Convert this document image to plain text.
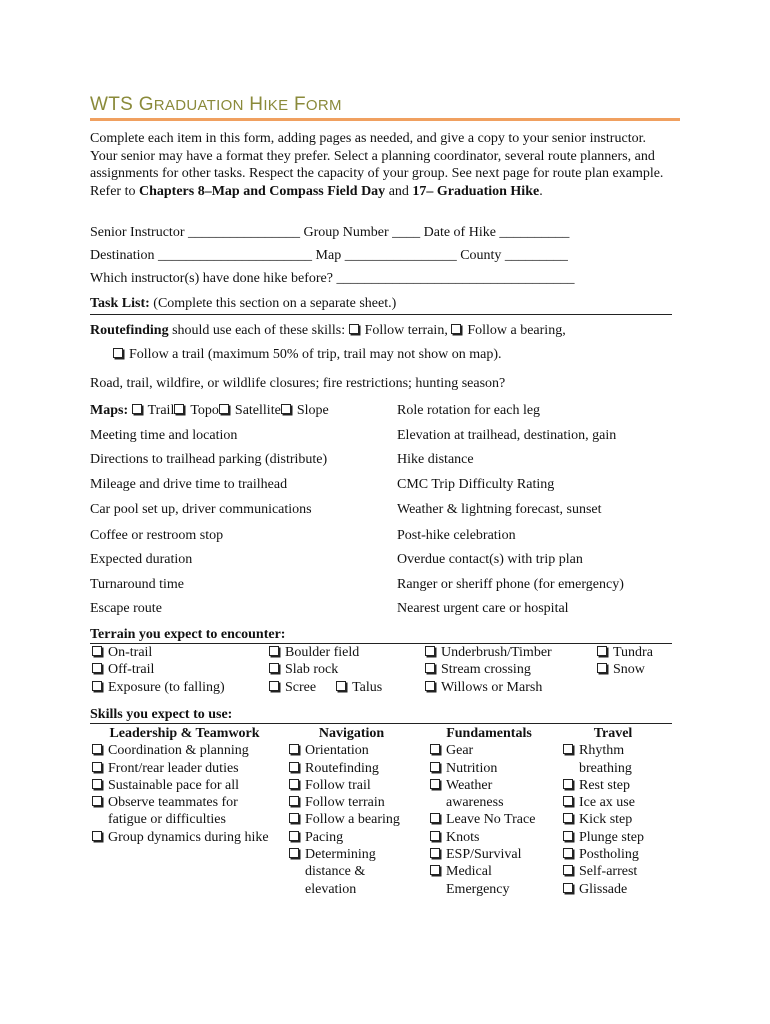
WTS GRADUATION HIKE FORM
Complete each item in this form, adding pages as needed, and give a copy to your senior instructor. Your senior may have a format they prefer. Select a planning coordinator, several route planners, and assignments for other tasks. Respect the capacity of your group. See next page for route plan example. Refer to Chapters 8–Map and Compass Field Day and 17– Graduation Hike.
Senior Instructor ________________ Group Number ____ Date of Hike __________
Destination ______________________ Map ________________ County _________
Which instructor(s) have done hike before? __________________________________
Task List: (Complete this section on a separate sheet.)
Routefinding should use each of these skills: Follow terrain, Follow a bearing,
Follow a trail (maximum 50% of trip, trail may not show on map).
Road, trail, wildfire, or wildlife closures; fire restrictions; hunting season?
Maps: Trail Topo Satellite Slope
Meeting time and location
Directions to trailhead parking (distribute)
Mileage and drive time to trailhead
Car pool set up, driver communications
Coffee or restroom stop
Expected duration
Turnaround time
Escape route
Role rotation for each leg
Elevation at trailhead, destination, gain
Hike distance
CMC Trip Difficulty Rating
Weather & lightning forecast, sunset
Post-hike celebration
Overdue contact(s) with trip plan
Ranger or sheriff phone (for emergency)
Nearest urgent care or hospital
Terrain you expect to encounter:
On-trail
Off-trail
Exposure (to falling)
Boulder field
Slab rock
Scree	Talus
Underbrush/Timber
Stream crossing
Willows or Marsh
Tundra
Snow
Skills you expect to use:
Leadership & Teamwork
Coordination & planning
Front/rear leader duties
Sustainable pace for all
Observe teammates for
fatigue or difficulties
Group dynamics during hike
Navigation
Orientation
Routefinding
Follow trail
Follow terrain
Follow a bearing
Pacing
Determining
distance &
elevation
Fundamentals
Gear
Nutrition
Weather
awareness
Leave No Trace
Knots
ESP/Survival
Medical
Emergency
Travel
Rhythm
breathing
Rest step
Ice ax use
Kick step
Plunge step
Postholing
Self-arrest
Glissade
